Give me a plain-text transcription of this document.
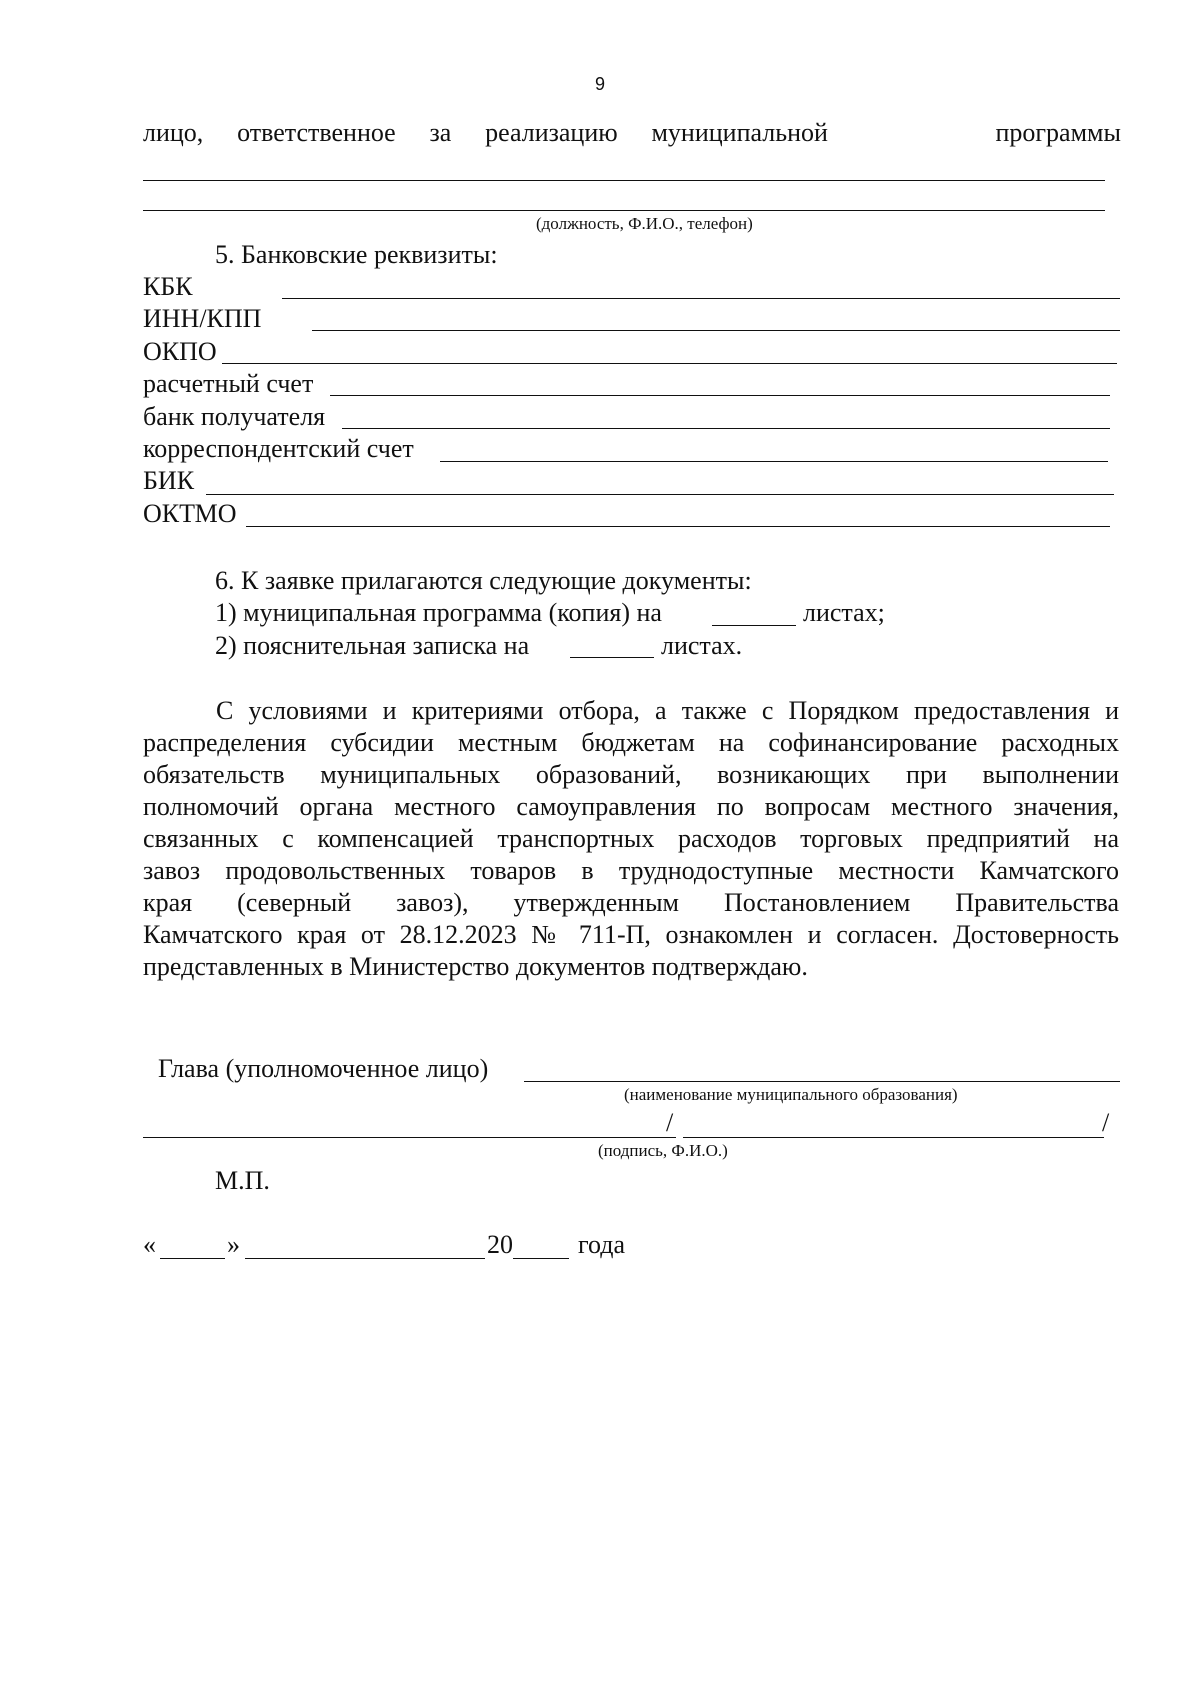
9
лицо, ответственное за реализацию муниципальной	программы
(должность, Ф.И.О., телефон)
5. Банковские реквизиты:
КБК
ИНН/КПП
ОКПО
расчетный счет
банк получателя
корреспондентский счет
БИК
ОКТМО
6. К заявке прилагаются следующие документы:
1) муниципальная программа (копия) на	листах;
2) пояснительная записка на	листах.
С условиями и критериями отбора, а также с Порядком предоставления и
распределения субсидии местным бюджетам на софинансирование расходных
обязательств муниципальных образований, возникающих при выполнении
полномочий органа местного самоуправления по вопросам местного значения,
связанных с компенсацией транспортных расходов торговых предприятий на
завоз продовольственных товаров в труднодоступные местности Камчатского
края (северный завоз), утвержденным Постановлением Правительства
Камчатского края от 28.12.2023 № 711-П, ознакомлен и согласен. Достоверность
представленных в Министерство документов подтверждаю.
Глава (уполномоченное лицо)
(наименование муниципального образования)
/	/
(подпись, Ф.И.О.)
М.П.
«	»	20	года
